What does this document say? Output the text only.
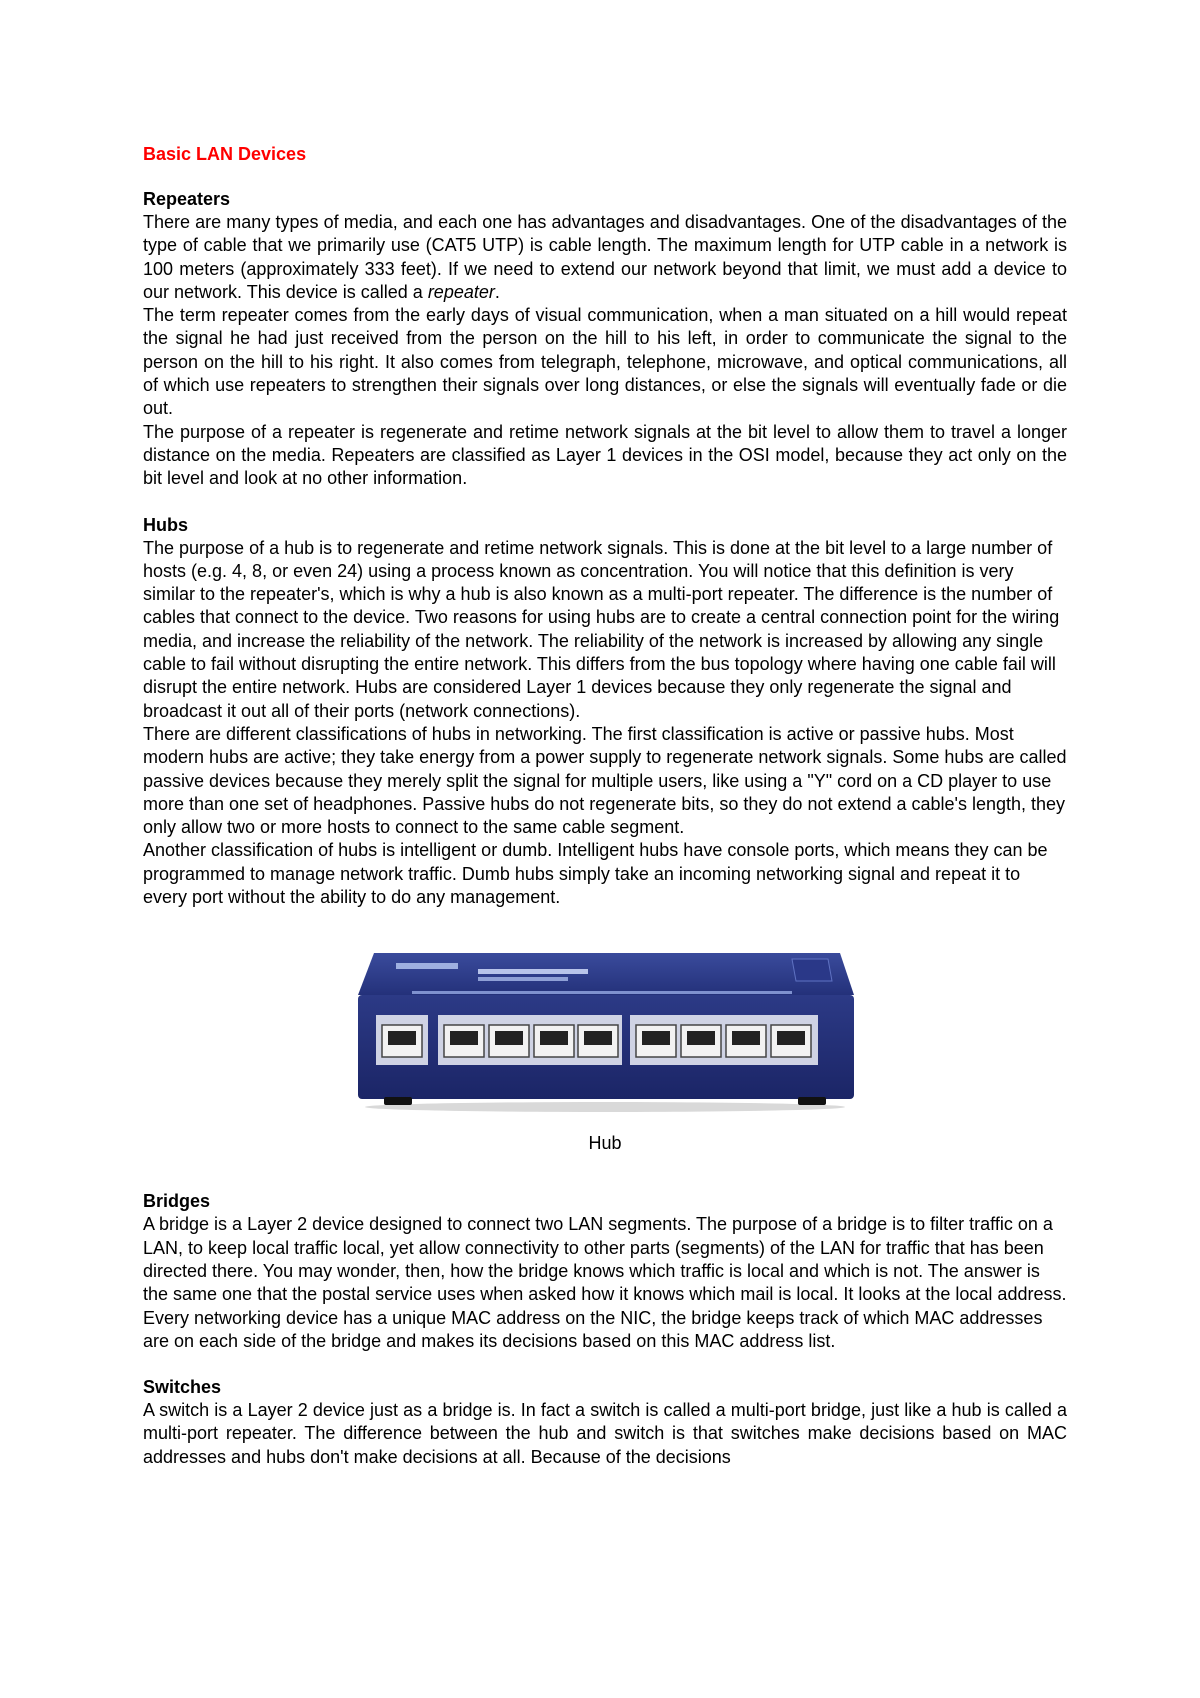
Basic LAN Devices
Repeaters

There are many types of media, and each one has advantages and disadvantages. One of the disadvantages of the type of cable that we primarily use (CAT5 UTP) is cable length. The maximum length for UTP cable in a network is 100 meters (approximately 333 feet). If we need to extend our network beyond that limit, we must add a device to our network. This device is called a repeater.

The term repeater comes from the early days of visual communication, when a man situated on a hill would repeat the signal he had just received from the person on the hill to his left, in order to communicate the signal to the person on the hill to his right. It also comes from telegraph, telephone, microwave, and optical communications, all of which use repeaters to strengthen their signals over long distances, or else the signals will eventually fade or die out.

The purpose of a repeater is regenerate and retime network signals at the bit level to allow them to travel a longer distance on the media. Repeaters are classified as Layer 1 devices in the OSI model, because they act only on the bit level and look at no other information.

Hubs

The purpose of a hub is to regenerate and retime network signals. This is done at the bit level to a large number of hosts (e.g. 4, 8, or even 24) using a process known as concentration. You will notice that this definition is very similar to the repeater's, which is why a hub is also known as a multi-port repeater. The difference is the number of cables that connect to the device. Two reasons for using hubs are to create a central connection point for the wiring media, and increase the reliability of the network. The reliability of the network is increased by allowing any single cable to fail without disrupting the entire network. This differs from the bus topology where having one cable fail will disrupt the entire network. Hubs are considered Layer 1 devices because they only regenerate the signal and broadcast it out all of their ports (network connections).

There are different classifications of hubs in networking. The first classification is active or passive hubs. Most modern hubs are active; they take energy from a power supply to regenerate network signals. Some hubs are called passive devices because they merely split the signal for multiple users, like using a "Y" cord on a CD player to use more than one set of headphones. Passive hubs do not regenerate bits, so they do not extend a cable's length, they only allow two or more hosts to connect to the same cable segment.

Another classification of hubs is intelligent or dumb. Intelligent hubs have console ports, which means they can be programmed to manage network traffic. Dumb hubs simply take an incoming networking signal and repeat it to every port without the ability to do any management.

Hub
Bridges

A bridge is a Layer 2 device designed to connect two LAN segments. The purpose of a bridge is to filter traffic on a LAN, to keep local traffic local, yet allow connectivity to other parts (segments) of the LAN for traffic that has been directed there. You may wonder, then, how the bridge knows which traffic is local and which is not. The answer is the same one that the postal service uses when asked how it knows which mail is local. It looks at the local address. Every networking device has a unique MAC address on the NIC, the bridge keeps track of which MAC addresses are on each side of the bridge and makes its decisions based on this MAC address list.

Switches

A switch is a Layer 2 device just as a bridge is. In fact a switch is called a multi-port bridge, just like a hub is called a multi-port repeater. The difference between the hub and switch is that switches make decisions based on MAC addresses and hubs don't make decisions at all. Because of the decisions
